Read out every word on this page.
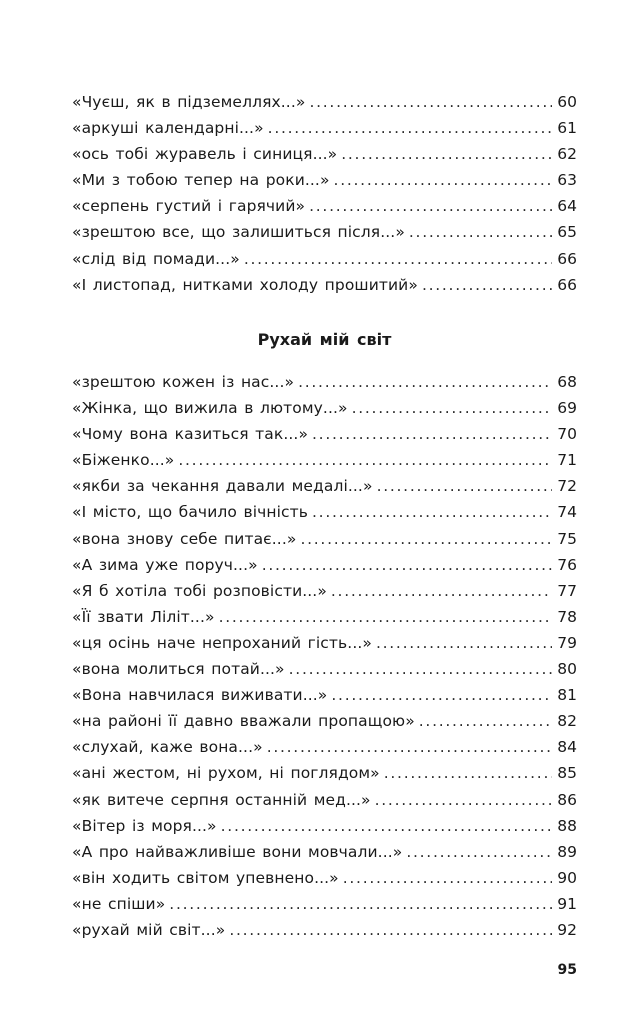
«Чуєш, як в підземеллях...» . . .	60
«аркуші календарні...» . . .	61
«ось тобі журавель і синиця...» . . .	62
«Ми з тобою тепер на роки...» . . .	63
«серпень густий і гарячий» . . .	64
«зрештою все, що залишиться після...» . . .	65
«слід від помади...» . . .	66
«І листопад, нитками холоду прошитий» . . .	66
Рухай мій світ
«зрештою кожен із нас...» . . .	68
«Жінка, що вижила в лютому...» . . .	69
«Чому вона казиться так...» . . .	70
«Біженко...» . . .	71
«якби за чекання давали медалі...» . . .	72
«І місто, що бачило вічність . . .	74
«вона знову себе питає...» . . .	75
«А зима уже поруч...» . . .	76
«Я б хотіла тобі розповісти...» . . .	77
«Її звати Ліліт...» . . .	78
«ця осінь наче непроханий гість...» . . .	79
«вона молиться потай...» . . .	80
«Вона навчилася виживати...» . . .	81
«на районі її давно вважали пропащою» . . .	82
«слухай, каже вона...» . . .	84
«ані жестом, ні рухом, ні поглядом» . . .	85
«як витече серпня останній мед...» . . .	86
«Вітер із моря...» . . .	88
«А про найважливіше вони мовчали...» . . .	89
«він ходить світом упевнено...» . . .	90
«не спіши» . . .	91
«рухай мій світ...» . . .	92
95
